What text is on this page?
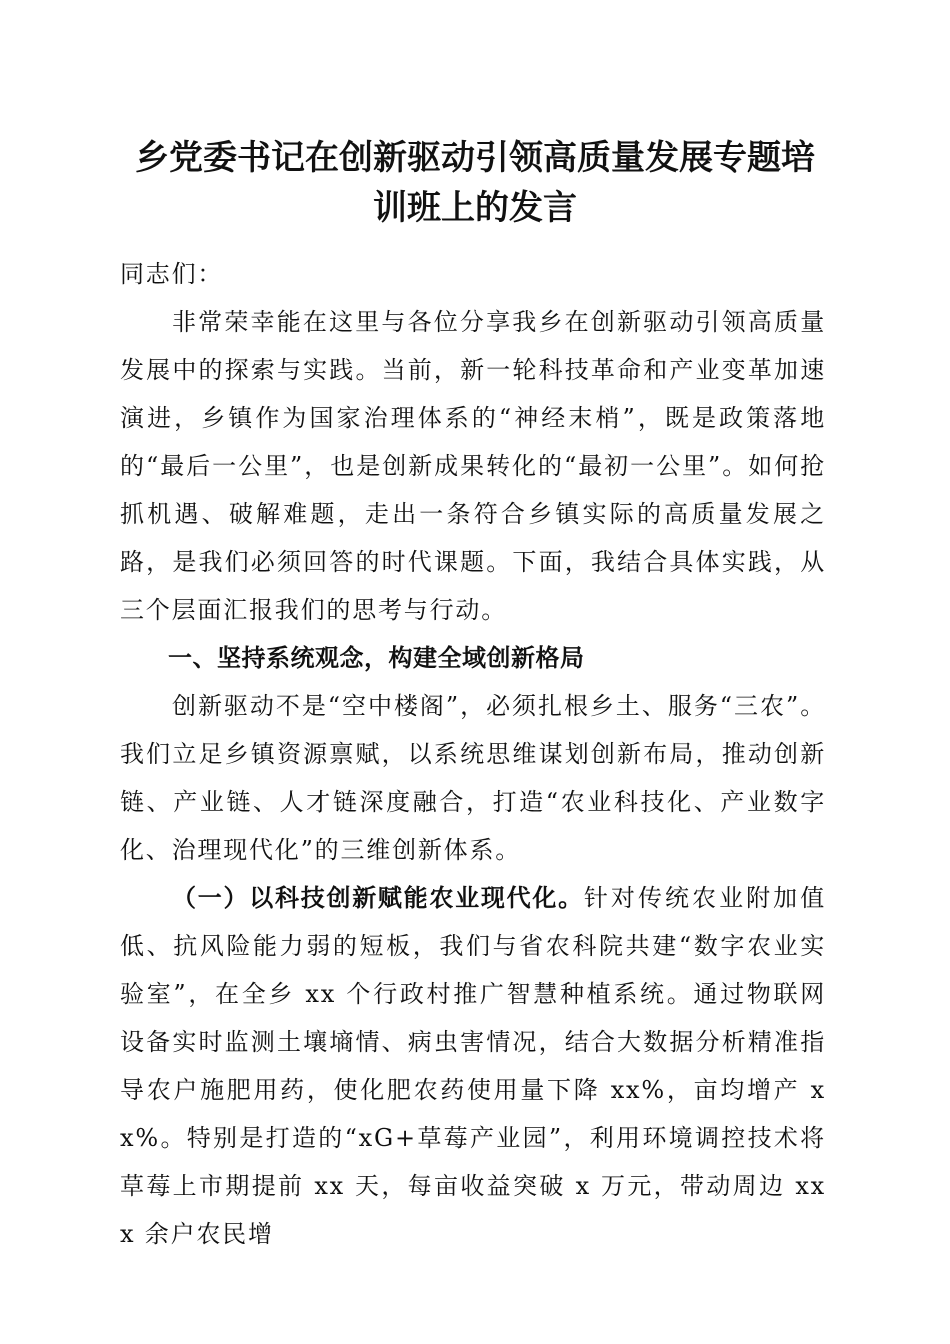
乡党委书记在创新驱动引领高质量发展专题培
训班上的发言

同志们：

非常荣幸能在这里与各位分享我乡在创新驱动引领高质量发展中的探索与实践。当前，新一轮科技革命和产业变革加速演进，乡镇作为国家治理体系的“神经末梢”，既是政策落地的“最后一公里”，也是创新成果转化的“最初一公里”。如何抢抓机遇、破解难题，走出一条符合乡镇实际的高质量发展之路，是我们必须回答的时代课题。下面，我结合具体实践，从三个层面汇报我们的思考与行动。

一、坚持系统观念，构建全域创新格局

创新驱动不是“空中楼阁”，必须扎根乡土、服务“三农”。我们立足乡镇资源禀赋，以系统思维谋划创新布局，推动创新链、产业链、人才链深度融合，打造“农业科技化、产业数字化、治理现代化”的三维创新体系。

（一）以科技创新赋能农业现代化。针对传统农业附加值低、抗风险能力弱的短板，我们与省农科院共建“数字农业实验室”，在全乡 xx 个行政村推广智慧种植系统。通过物联网设备实时监测土壤墒情、病虫害情况，结合大数据分析精准指导农户施肥用药，使化肥农药使用量下降 xx%，亩均增产 xx%。特别是打造的“xG+草莓产业园”，利用环境调控技术将草莓上市期提前 xx 天，每亩收益突破 x 万元，带动周边 xxx 余户农民增
